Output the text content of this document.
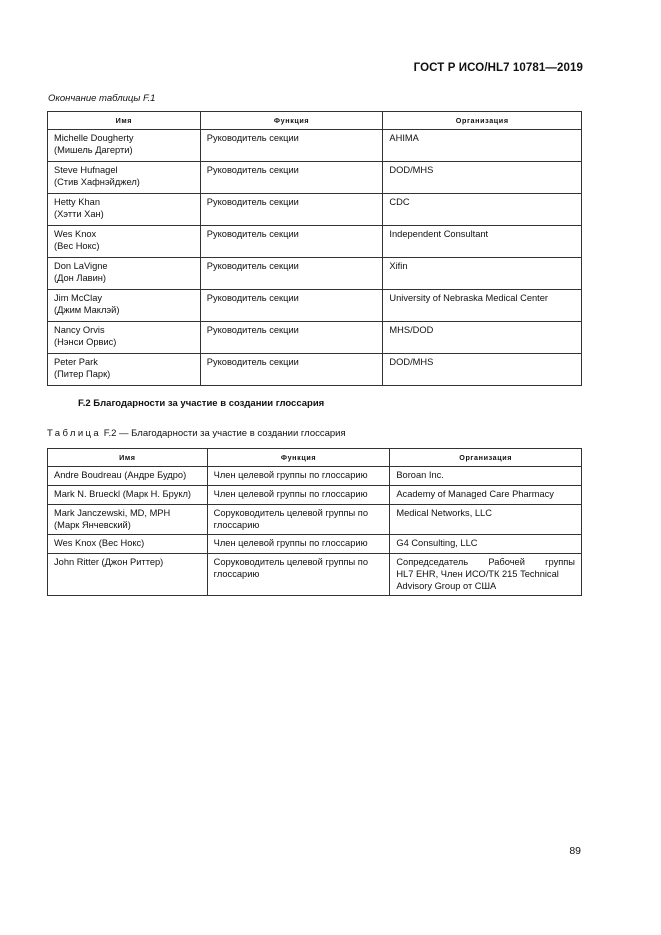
ГОСТ Р ИСО/HL7 10781—2019
Окончание таблицы F.1
Имя	Функция	Организация
Michelle Dougherty
(Мишель Дагерти)	Руководитель секции	AHIMA
Steve Hufnagel
(Стив Хафнэйджел)	Руководитель секции	DOD/MHS
Hetty Khan
(Хэтти Хан)	Руководитель секции	CDC
Wes Knox
(Вес Нокс)	Руководитель секции	Independent Consultant
Don LaVigne
(Дон Лавин)	Руководитель секции	Xifin
Jim McClay
(Джим Маклэй)	Руководитель секции	University of Nebraska Medical Center
Nancy Orvis
(Нэнси Орвис)	Руководитель секции	MHS/DOD
Peter Park
(Питер Парк)	Руководитель секции	DOD/MHS
F.2 Благодарности за участие в создании глоссария
Таблица F.2 — Благодарности за участие в создании глоссария
Имя	Функция	Организация
Andre Boudreau (Андре Будро)	Член целевой группы по глоссарию	Boroan Inc.
Mark N. Brueckl (Марк Н. Брукл)	Член целевой группы по глоссарию	Academy of Managed Care Pharmacy
Mark Janczewski, MD, MPH
(Марк Янчевский)	Соруководитель целевой группы по
глоссарию	Medical Networks, LLC
Wes Knox (Вес Нокс)	Член целевой группы по глоссарию	G4 Consulting, LLC
John Ritter (Джон Риттер)	Соруководитель целевой группы по
глоссарию	Сопредседатель Рабочей группы
HL7 EHR, Член ИСО/ТК 215 Technical
Advisory Group от США
89
